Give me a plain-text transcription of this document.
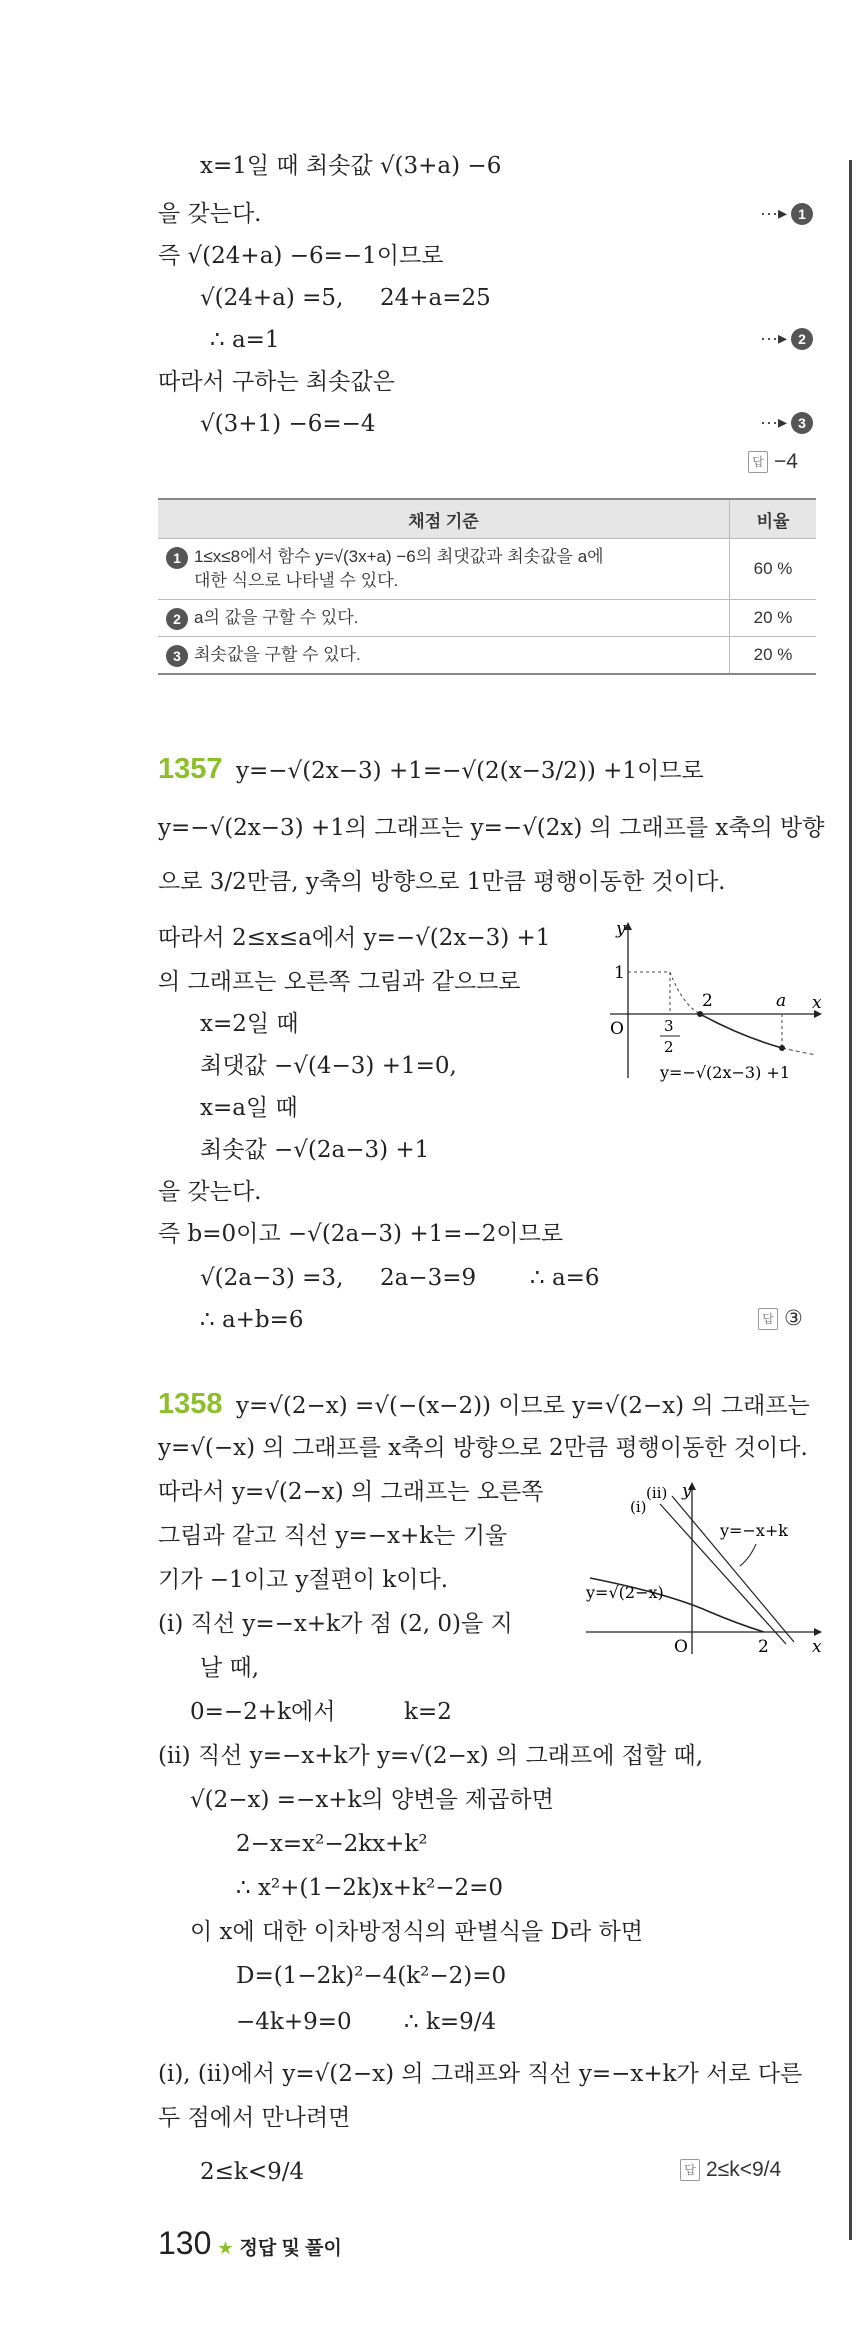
x=1일 때 최솟값 √(3+a) −6
을 갖는다.	···▸ 1
즉 √(24+a) −6=−1이므로
√(24+a) =5, 24+a=25
∴ a=1	···▸ 2
따라서 구하는 최솟값은
√(3+1) −6=−4	···▸ 3
답 −4
채점 기준	비율
1 1≤x≤8에서 함수 y=√(3x+a) −6의 최댓값과 최솟값을 a에
대한 식으로 나타낼 수 있다.	60 %
2 a의 값을 구할 수 있다.	20 %
3 최솟값을 구할 수 있다.	20 %
1357 y=−√(2x−3) +1=−√(2(x−3/2)) +1이므로
y=−√(2x−3) +1의 그래프는 y=−√(2x) 의 그래프를 x축의 방향
으로 3/2만큼, y축의 방향으로 1만큼 평행이동한 것이다.
따라서 2≤x≤a에서 y=−√(2x−3) +1
의 그래프는 오른쪽 그림과 같으므로
x=2일 때
최댓값 −√(4−3) +1=0,
x=a일 때
최솟값 −√(2a−3) +1
을 갖는다.
즉 b=0이고 −√(2a−3) +1=−2이므로
√(2a−3) =3, 2a−3=9 ∴ a=6
∴ a+b=6	답 ③
y
x
O
1
2	a
3
2
y=−√(2x−3) +1
1358 y=√(2−x) =√(−(x−2)) 이므로 y=√(2−x) 의 그래프는
y=√(−x) 의 그래프를 x축의 방향으로 2만큼 평행이동한 것이다.
따라서 y=√(2−x) 의 그래프는 오른쪽
그림과 같고 직선 y=−x+k는 기울
기가 −1이고 y절편이 k이다.
(ⅰ) 직선 y=−x+k가 점 (2, 0)을 지
날 때,
0=−2+k에서	k=2
(ⅱ) 직선 y=−x+k가 y=√(2−x) 의 그래프에 접할 때,
√(2−x) =−x+k의 양변을 제곱하면
2−x=x²−2kx+k²
∴ x²+(1−2k)x+k²−2=0
이 x에 대한 이차방정식의 판별식을 D라 하면
D=(1−2k)²−4(k²−2)=0
−4k+9=0 ∴ k=9/4
(ⅰ), (ⅱ)에서 y=√(2−x) 의 그래프와 직선 y=−x+k가 서로 다른
두 점에서 만나려면
2≤k<9/4	답 2≤k<9/4
y
x
O	2
(ⅰ)
(ⅱ)
y=−x+k
y=√(2−x)
130 ★ 정답 및 풀이
